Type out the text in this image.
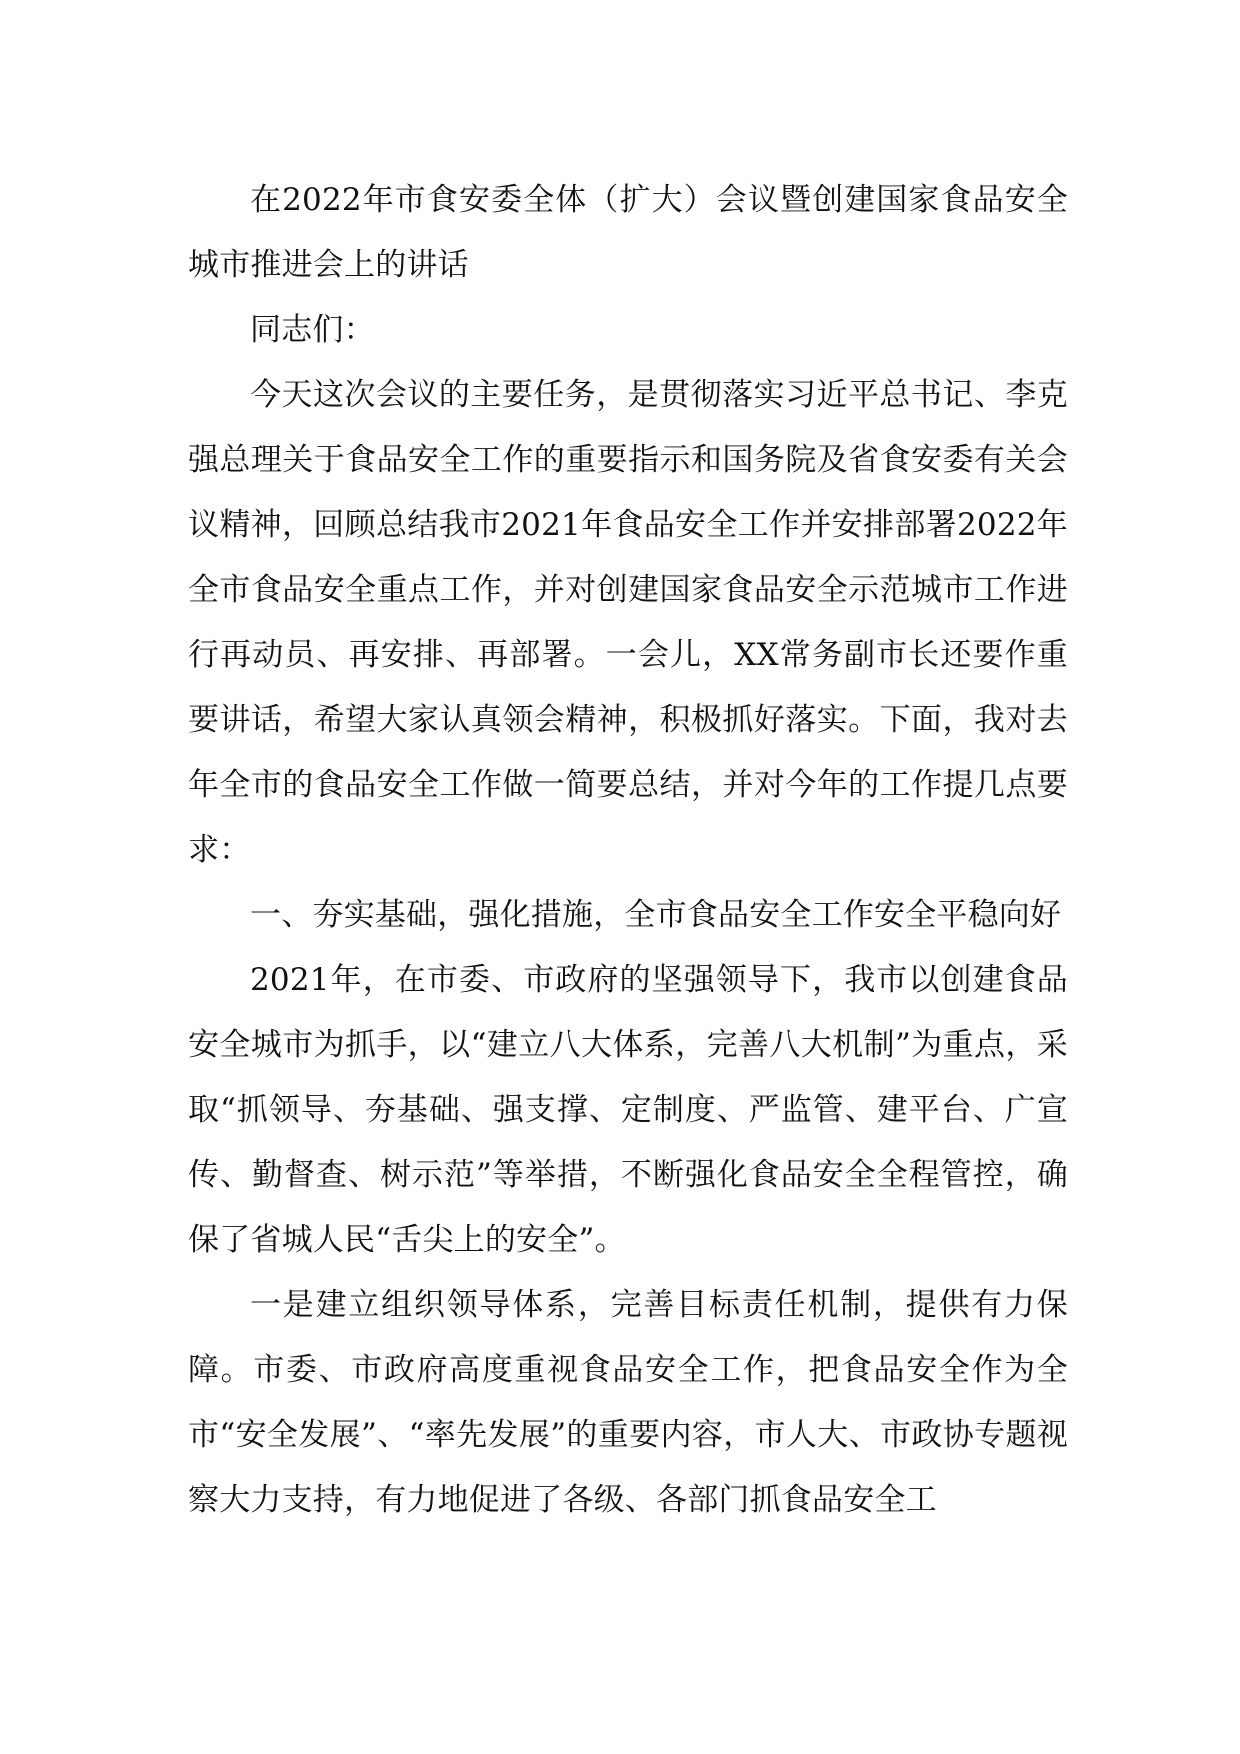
在2022年市食安委全体（扩大）会议暨创建国家食品安全城市推进会上的讲话

同志们：

今天这次会议的主要任务，是贯彻落实习近平总书记、李克强总理关于食品安全工作的重要指示和国务院及省食安委有关会议精神，回顾总结我市2021年食品安全工作并安排部署2022年全市食品安全重点工作，并对创建国家食品安全示范城市工作进行再动员、再安排、再部署。一会儿，XX常务副市长还要作重要讲话，希望大家认真领会精神，积极抓好落实。下面，我对去年全市的食品安全工作做一简要总结，并对今年的工作提几点要求：

一、夯实基础，强化措施，全市食品安全工作安全平稳向好

2021年，在市委、市政府的坚强领导下，我市以创建食品安全城市为抓手，以“建立八大体系，完善八大机制”为重点，采取“抓领导、夯基础、强支撑、定制度、严监管、建平台、广宣传、勤督查、树示范”等举措，不断强化食品安全全程管控，确保了省城人民“舌尖上的安全”。

一是建立组织领导体系，完善目标责任机制，提供有力保障。市委、市政府高度重视食品安全工作，把食品安全作为全市“安全发展”、“率先发展”的重要内容，市人大、市政协专题视察大力支持，有力地促进了各级、各部门抓食品安全工
